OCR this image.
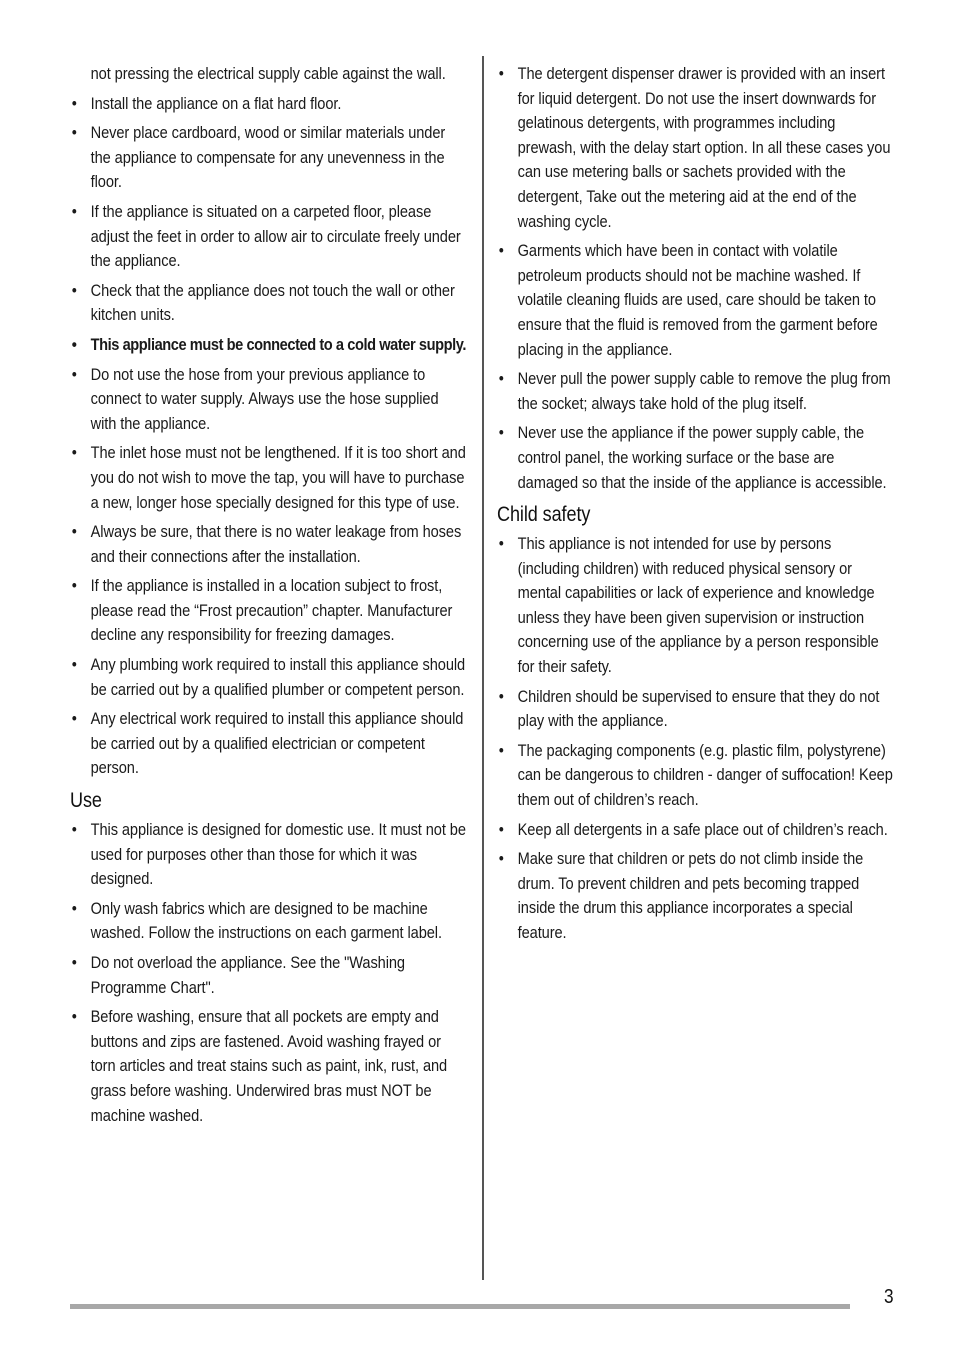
not pressing the electrical supply cable against the wall.

• Install the appliance on a flat hard floor.
• Never place cardboard, wood or similar materials under the appliance to compensate for any unevenness in the floor.
• If the appliance is situated on a carpeted floor, please adjust the feet in order to allow air to circulate freely under the appliance.
• Check that the appliance does not touch the wall or other kitchen units.
• This appliance must be connected to a cold water supply.
• Do not use the hose from your previous appliance to connect to water supply. Always use the hose supplied with the appliance.
• The inlet hose must not be lengthened. If it is too short and you do not wish to move the tap, you will have to purchase a new, longer hose specially designed for this type of use.
• Always be sure, that there is no water leakage from hoses and their connections after the installation.
• If the appliance is installed in a location subject to frost, please read the “Frost precaution” chapter. Manufacturer decline any responsibility for freezing damages.
• Any plumbing work required to install this appliance should be carried out by a qualified plumber or competent person.
• Any electrical work required to install this appliance should be carried out by a qualified electrician or competent person.
Use
• This appliance is designed for domestic use. It must not be used for purposes other than those for which it was designed.
• Only wash fabrics which are designed to be machine washed. Follow the instructions on each garment label.
• Do not overload the appliance. See the "Washing Programme Chart".
• Before washing, ensure that all pockets are empty and buttons and zips are fastened. Avoid washing frayed or torn articles and treat stains such as paint, ink, rust, and grass before washing. Underwired bras must NOT be machine washed.
• The detergent dispenser drawer is provided with an insert for liquid detergent. Do not use the insert downwards for gelatinous detergents, with programmes including prewash, with the delay start option. In all these cases you can use metering balls or sachets provided with the detergent, Take out the metering aid at the end of the washing cycle.
• Garments which have been in contact with volatile petroleum products should not be machine washed. If volatile cleaning fluids are used, care should be taken to ensure that the fluid is removed from the garment before placing in the appliance.
• Never pull the power supply cable to remove the plug from the socket; always take hold of the plug itself.
• Never use the appliance if the power supply cable, the control panel, the working surface or the base are damaged so that the inside of the appliance is accessible.
Child safety
• This appliance is not intended for use by persons (including children) with reduced physical sensory or mental capabilities or lack of experience and knowledge unless they have been given supervision or instruction concerning use of the appliance by a person responsible for their safety.
• Children should be supervised to ensure that they do not play with the appliance.
• The packaging components (e.g. plastic film, polystyrene) can be dangerous to children - danger of suffocation! Keep them out of children’s reach.
• Keep all detergents in a safe place out of children’s reach.
• Make sure that children or pets do not climb inside the drum. To prevent children and pets becoming trapped inside the drum this appliance incorporates a special feature.
3
